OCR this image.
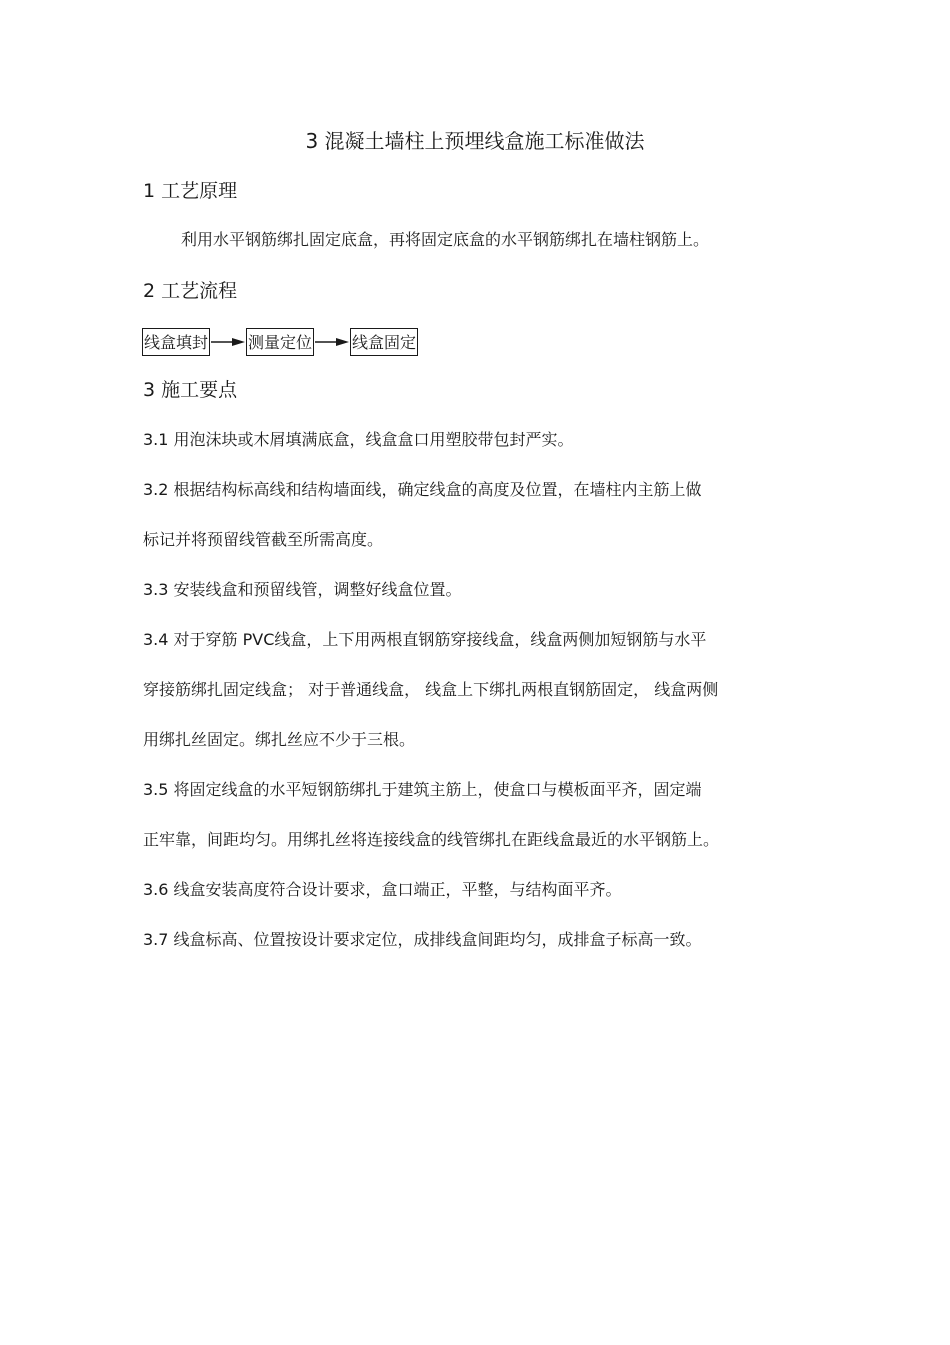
3 混凝土墙柱上预埋线盒施工标准做法
1 工艺原理
利用水平钢筋绑扎固定底盒，再将固定底盒的水平钢筋绑扎在墙柱钢筋上。
2 工艺流程
线盒填封	测量定位	线盒固定
3 施工要点
3.1 用泡沫块或木屑填满底盒，线盒盒口用塑胶带包封严实。
3.2 根据结构标高线和结构墙面线，确定线盒的高度及位置，在墙柱内主筋上做
标记并将预留线管截至所需高度。
3.3 安装线盒和预留线管，调整好线盒位置。
3.4 对于穿筋 PVC线盒，上下用两根直钢筋穿接线盒，线盒两侧加短钢筋与水平
穿接筋绑扎固定线盒； 对于普通线盒， 线盒上下绑扎两根直钢筋固定， 线盒两侧
用绑扎丝固定。绑扎丝应不少于三根。
3.5 将固定线盒的水平短钢筋绑扎于建筑主筋上，使盒口与模板面平齐，固定端
正牢靠，间距均匀。用绑扎丝将连接线盒的线管绑扎在距线盒最近的水平钢筋上。
3.6 线盒安装高度符合设计要求，盒口端正，平整，与结构面平齐。
3.7 线盒标高、位置按设计要求定位，成排线盒间距均匀，成排盒子标高一致。
